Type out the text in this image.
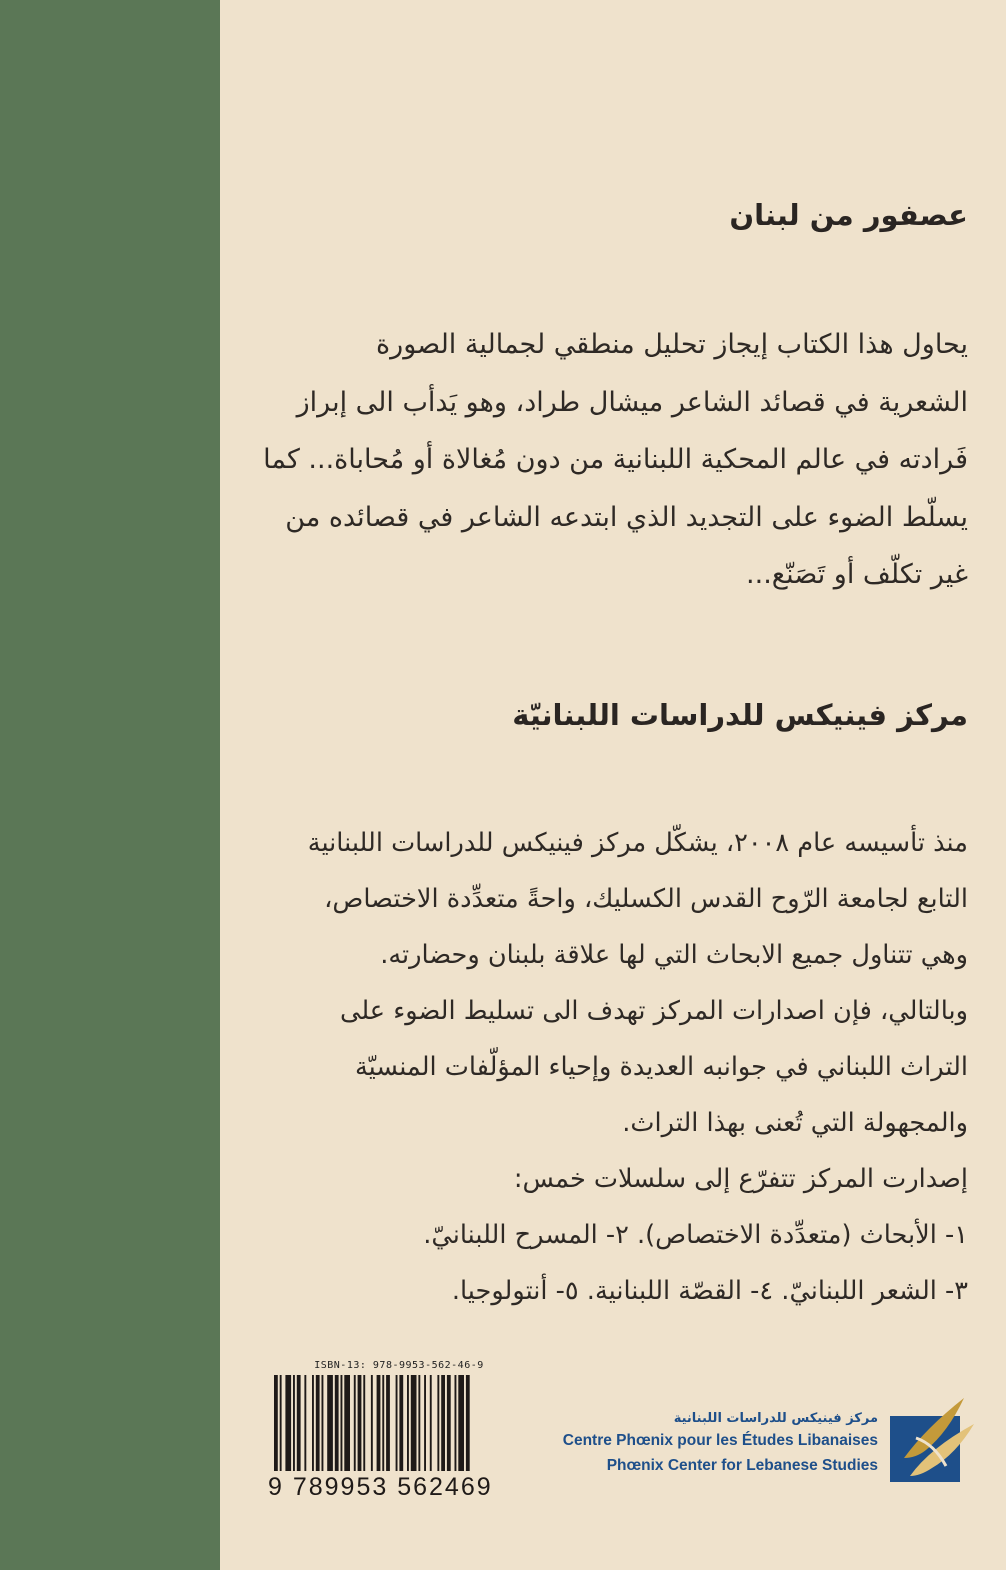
عصفور من لبنان
يحاول هذا الكتاب إيجاز تحليل منطقي لجمالية الصورة
الشعرية في قصائد الشاعر ميشال طراد، وهو يَدأب الى إبراز
فَرادته في عالم المحكية اللبنانية من دون مُغالاة أو مُحاباة... كما
يسلّط الضوء على التجديد الذي ابتدعه الشاعر في قصائده من
غير تكلّف أو تَصَنّع...
مركز فينيكس للدراسات اللبنانيّة
منذ تأسيسه عام ٢٠٠٨، يشكّل مركز فينيكس للدراسات اللبنانية
التابع لجامعة الرّوح القدس الكسليك، واحةً متعدِّدة الاختصاص،
وهي تتناول جميع الابحاث التي لها علاقة بلبنان وحضارته.
وبالتالي، فإن اصدارات المركز تهدف الى تسليط الضوء على
التراث اللبناني في جوانبه العديدة وإحياء المؤلّفات المنسيّة
والمجهولة التي تُعنى بهذا التراث.
إصدارت المركز تتفرّع إلى سلسلات خمس:
١- الأبحاث (متعدِّدة الاختصاص). ٢- المسرح اللبنانيّ.
٣- الشعر اللبنانيّ. ٤- القصّة اللبنانية. ٥- أنتولوجيا.

ISBN-13: 978-9953-562-46-9

9 789953 562469

مركز فينيكس للدراسات اللبنانية

Centre Phœnix pour les Études Libanaises

Phœnix Center for Lebanese Studies
